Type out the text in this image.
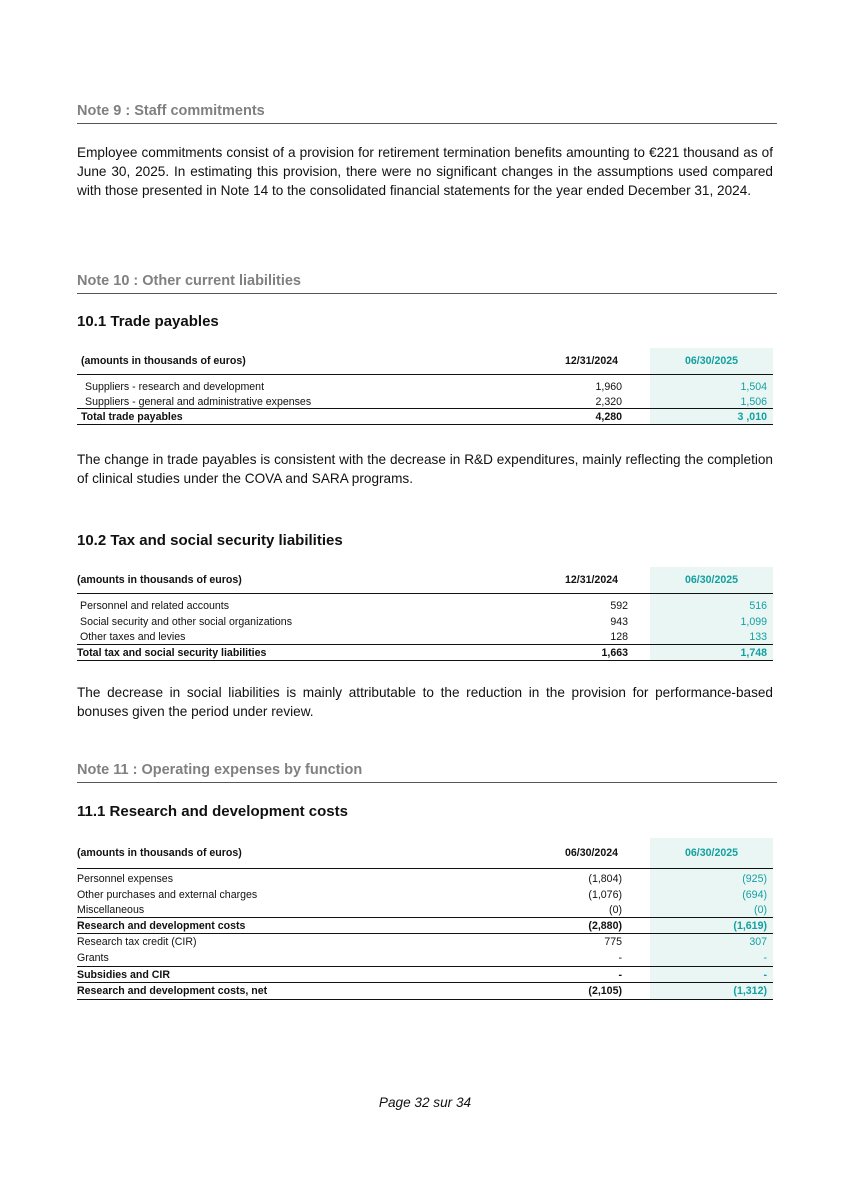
Note 9 : Staff commitments

Employee commitments consist of a provision for retirement termination benefits amounting to €221 thousand as of June 30, 2025. In estimating this provision, there were no significant changes in the assumptions used compared with those presented in Note 14 to the consolidated financial statements for the year ended December 31, 2024.

Note 10 : Other current liabilities
10.1 Trade payables
(amounts in thousands of euros)	12/31/2024	06/30/2025
Suppliers - research and development	1,960	1,504
Suppliers - general and administrative expenses	2,320	1,506
Total trade payables	4,280	3 ,010

The change in trade payables is consistent with the decrease in R&D expenditures, mainly reflecting the completion of clinical studies under the COVA and SARA programs.

10.2 Tax and social security liabilities
(amounts in thousands of euros)	12/31/2024	06/30/2025
Personnel and related accounts	592	516
Social security and other social organizations	943	1,099
Other taxes and levies	128	133
Total tax and social security liabilities	1,663	1,748

The decrease in social liabilities is mainly attributable to the reduction in the provision for performance-based bonuses given the period under review.

Note 11 : Operating expenses by function
11.1 Research and development costs
(amounts in thousands of euros)	06/30/2024	06/30/2025
Personnel expenses	(1,804)	(925)
Other purchases and external charges	(1,076)	(694)
Miscellaneous	(0)	(0)
Research and development costs	(2,880)	(1,619)
Research tax credit (CIR)	775	307
Grants	-	-
Subsidies and CIR	-	-
Research and development costs, net	(2,105)	(1,312)
Page 32 sur 34
